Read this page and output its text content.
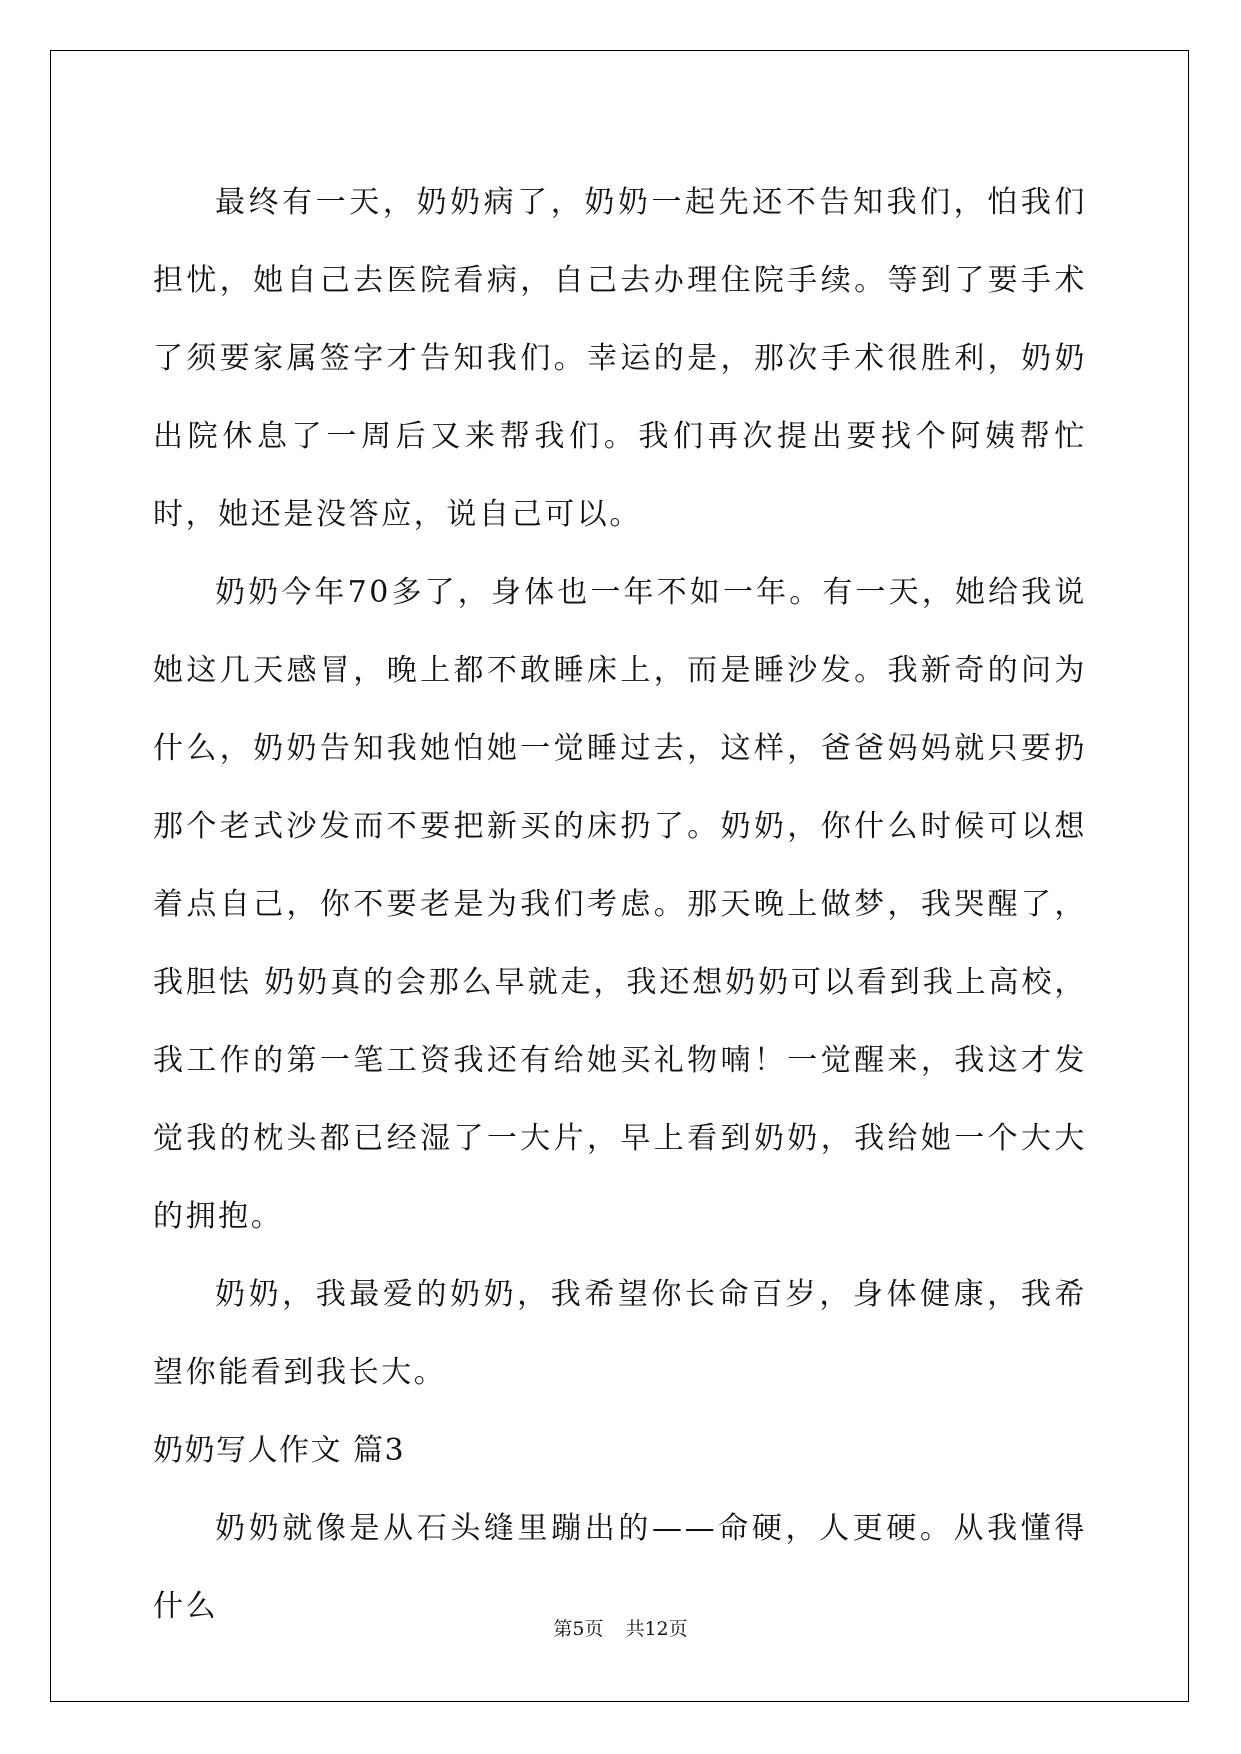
最终有一天，奶奶病了，奶奶一起先还不告知我们，怕我们担忧，她自己去医院看病，自己去办理住院手续。等到了要手术了须要家属签字才告知我们。幸运的是，那次手术很胜利，奶奶出院休息了一周后又来帮我们。我们再次提出要找个阿姨帮忙时，她还是没答应，说自己可以。

奶奶今年70多了，身体也一年不如一年。有一天，她给我说她这几天感冒，晚上都不敢睡床上，而是睡沙发。我新奇的问为什么，奶奶告知我她怕她一觉睡过去，这样，爸爸妈妈就只要扔那个老式沙发而不要把新买的床扔了。奶奶，你什么时候可以想着点自己，你不要老是为我们考虑。那天晚上做梦，我哭醒了，我胆怯 奶奶真的会那么早就走，我还想奶奶可以看到我上高校，我工作的第一笔工资我还有给她买礼物喃！一觉醒来，我这才发觉我的枕头都已经湿了一大片，早上看到奶奶，我给她一个大大的拥抱。

奶奶，我最爱的奶奶，我希望你长命百岁，身体健康，我希望你能看到我长大。

奶奶写人作文 篇3

奶奶就像是从石头缝里蹦出的——命硬，人更硬。从我懂得什么

第5页 共12页
